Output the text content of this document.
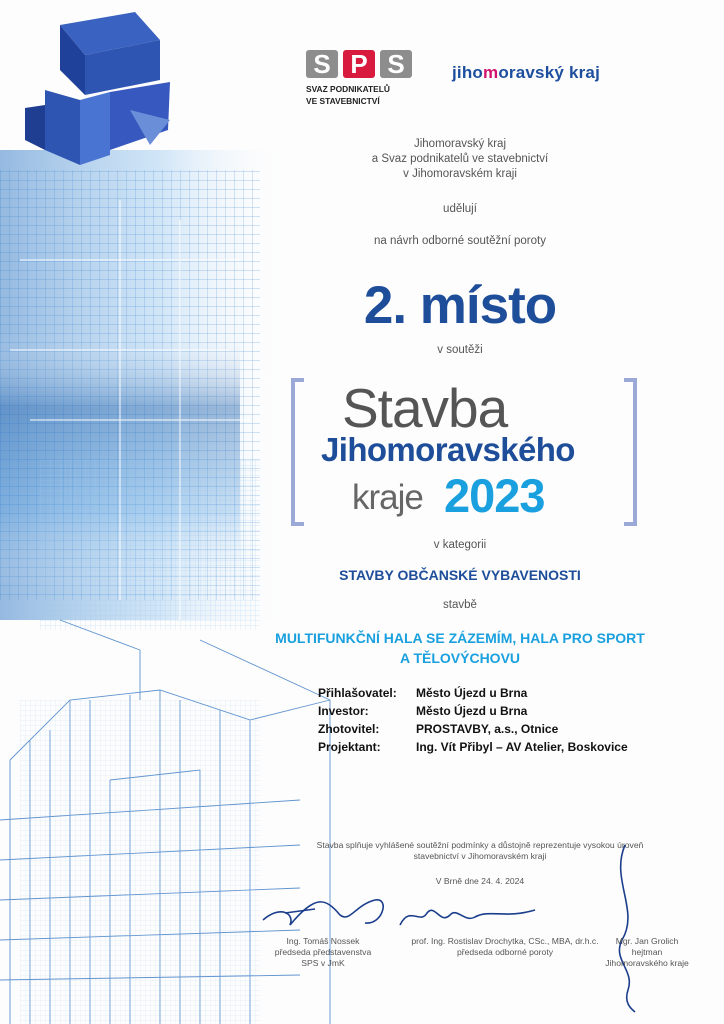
S P S
SVAZ PODNIKATELŮ
VE STAVEBNICTVÍ
jihomoravský kraj
Jihomoravský kraj
a Svaz podnikatelů ve stavebnictví
v Jihomoravském kraji
udělují
na návrh odborné soutěžní poroty
2. místo
v soutěži
Stavba
Jihomoravského
kraje 2023
v kategorii
STAVBY OBČANSKÉ VYBAVENOSTI
stavbě
MULTIFUNKČNÍ HALA SE ZÁZEMÍM, HALA PRO SPORT
A TĚLOVÝCHOVU
Přihlašovatel:	Město Újezd u Brna
Investor:	Město Újezd u Brna
Zhotovitel:	PROSTAVBY, a.s., Otnice
Projektant:	Ing. Vít Přibyl – AV Atelier, Boskovice
Stavba splňuje vyhlášené soutěžní podmínky a důstojně reprezentuje vysokou úroveň
stavebnictví v Jihomoravském kraji
V Brně dne 24. 4. 2024
Ing. Tomáš Nossek
předseda představenstva
SPS v JmK
prof. Ing. Rostislav Drochytka, CSc., MBA, dr.h.c.
předseda odborné poroty
Mgr. Jan Grolich
hejtman
Jihomoravského kraje
